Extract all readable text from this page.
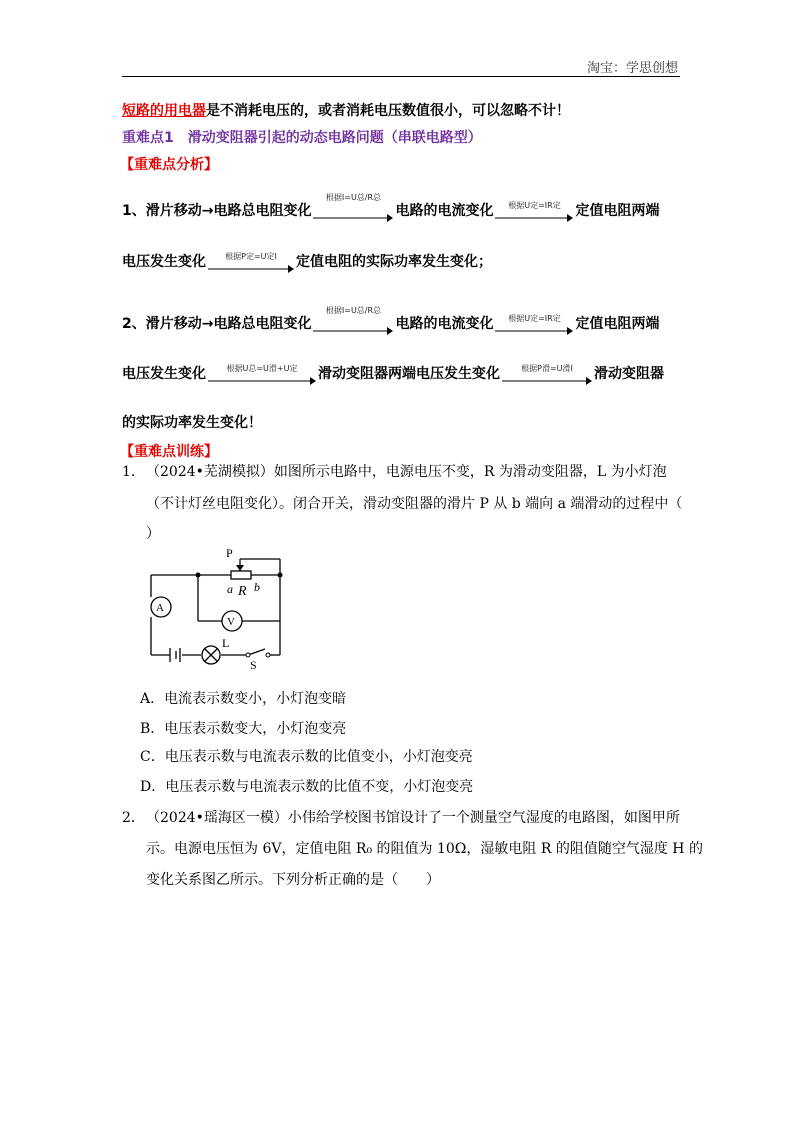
淘宝：学思创想
短路的用电器是不消耗电压的，或者消耗电压数值很小，可以忽略不计！
重难点1　滑动变阻器引起的动态电路问题（串联电路型）
【重难点分析】
1、滑片移动→电路总电阻变化
根据I=U总/R总
电路的电流变化	根据U定=IR定	定值电阻两端
电压发生变化	根据P定=U定I	定值电阻的实际功率发生变化；
2、滑片移动→电路总电阻变化
根据I=U总/R总
电路的电流变化	根据U定=IR定	定值电阻两端
电压发生变化	根据U总=U滑+U定	滑动变阻器两端电压发生变化	根据P滑=U滑I	滑动变阻器
的实际功率发生变化！
【重难点训练】
1． （2024•芜湖模拟）如图所示电路中，电源电压不变，R 为滑动变阻器，L 为小灯泡
（不计灯丝电阻变化）。闭合开关，滑动变阻器的滑片 P 从 b 端向 a 端滑动的过程中（
）
P
a R b
A
V
L
S
A．电流表示数变小，小灯泡变暗
B．电压表示数变大，小灯泡变亮
C．电压表示数与电流表示数的比值变小，小灯泡变亮
D．电压表示数与电流表示数的比值不变，小灯泡变亮
2． （2024•瑶海区一模）小伟给学校图书馆设计了一个测量空气湿度的电路图，如图甲所
示。电源电压恒为 6V，定值电阻 R₀ 的阻值为 10Ω，湿敏电阻 R 的阻值随空气湿度 H 的
变化关系图乙所示。下列分析正确的是（　　）
